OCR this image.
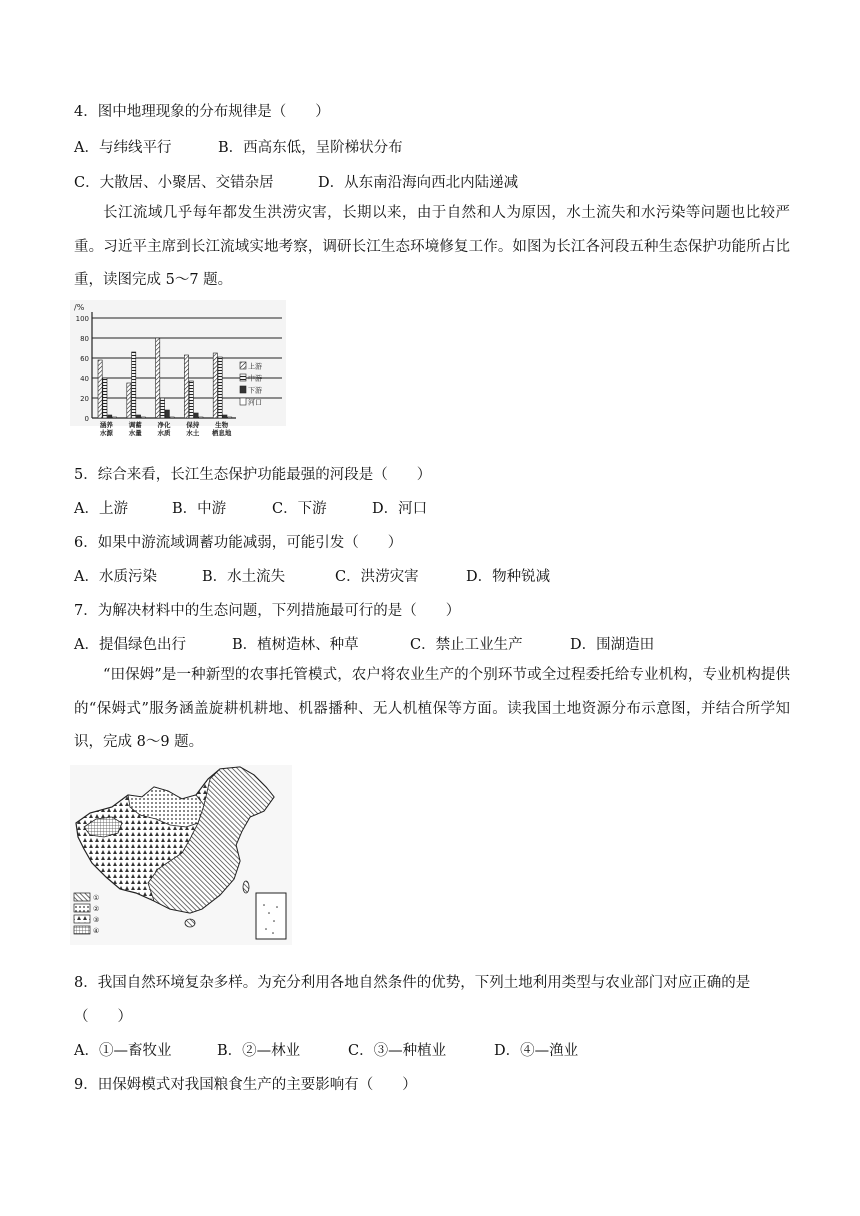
4．图中地理现象的分布规律是（　　）
A．与纬线平行	B．西高东低，呈阶梯状分布
C．大散居、小聚居、交错杂居	D．从东南沿海向西北内陆递减
长江流域几乎每年都发生洪涝灾害，长期以来，由于自然和人为原因，水土流失和水污染等问题也比较严重。习近平主席到长江流域实地考察，调研长江生态环境修复工作。如图为长江各河段五种生态保护功能所占比重，读图完成 5～7 题。
/%
0
20
40
60
80
100
涵养
水源
调蓄
水量
净化
水质
保持
水土
生物
栖息地
上游
中游
下游
河口
5．综合来看，长江生态保护功能最强的河段是（　　）
A．上游	B．中游	C．下游	D．河口
6．如果中游流域调蓄功能减弱，可能引发（　　）
A．水质污染	B．水土流失	C．洪涝灾害	D．物种锐减
7．为解决材料中的生态问题，下列措施最可行的是（　　）
A．提倡绿色出行	B．植树造林、种草	C．禁止工业生产	D．围湖造田
“田保姆”是一种新型的农事托管模式，农户将农业生产的个别环节或全过程委托给专业机构，专业机构提供的“保姆式”服务涵盖旋耕机耕地、机器播种、无人机植保等方面。读我国土地资源分布示意图，并结合所学知识，完成 8～9 题。
①
②
③
④
8．我国自然环境复杂多样。为充分利用各地自然条件的优势，下列土地利用类型与农业部门对应正确的是
（　　）
A．①—畜牧业	B．②—林业	C．③—种植业	D．④—渔业
9．田保姆模式对我国粮食生产的主要影响有（　　）
